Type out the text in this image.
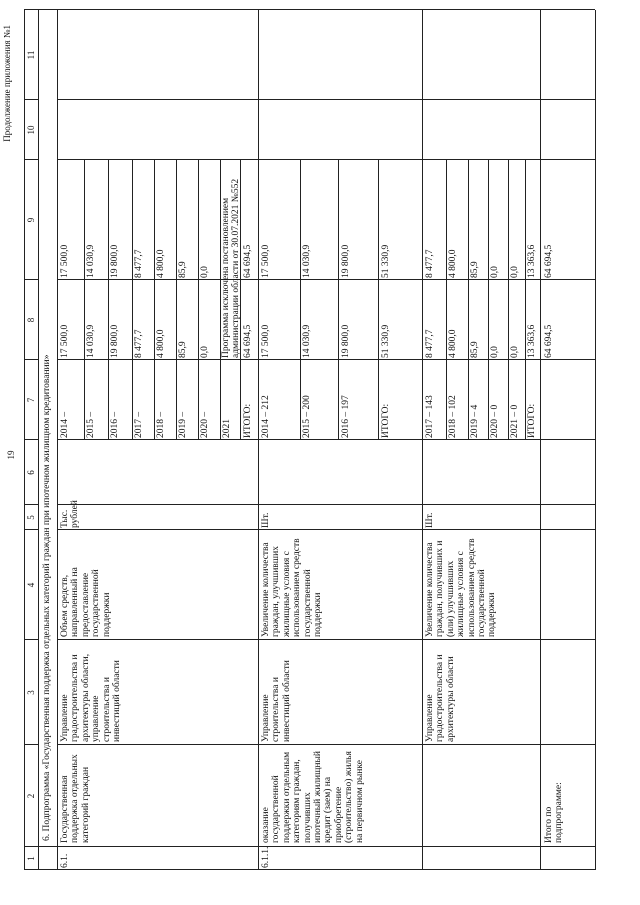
19
Продолжение приложения №1
1
2
3
4
5
6
7
8
9
10
11
6. Подпрограмма «Государственная поддержка отдельных категорий граждан при ипотечном жилищном кредитовании»
6.1.
Государственная поддержка отдельных категорий граждан
Управление градостроительства и архитектуры области, управление строительства и инвестиций области
Объем средств, направленный на предоставление государственной поддержки
Тыс. рублей
2014 –
17 500,0
17 500,0
2015 –
14 030,9
14 030,9
2016 –
19 800,0
19 800,0
2017 –
8 477,7
8 477,7
2018 –
4 800,0
4 800,0
2019 –
85,9
85,9
2020 –
0,0
0,0
2021
Программа исключена постановлением администрации области от 30.07.2021 №552
ИТОГО:
64 694,5
64 694,5
6.1.1.
оказание государственной поддержки отдельным категориям граждан, получивших ипотечный жилищный кредит (заем) на приобретение (строительство) жилья на первичном рынке
Управление строительства и инвестиций области
Увеличение количества граждан, улучшивших жилищные условия с использованием средств государственной поддержки
Шт.
2014 – 212
17 500,0
17 500,0
2015 – 200
14 030,9
14 030,9
2016 – 197
19 800,0
19 800,0
ИТОГО:
51 330,9
51 330,9
Управление градостроительства и архитектуры области
Увеличение количества граждан, получивших и (или) улучшивших жилищные условия с использованием средств государственной поддержки
Шт.
2017 – 143
8 477,7
8 477,7
2018 – 102
4 800,0
4 800,0
2019 – 4
85,9
85,9
2020 – 0
0,0
0,0
2021 – 0
0,0
0,0
ИТОГО:
13 363,6
13 363,6
Итого по подпрограмме:
64 694,5
64 694,5
